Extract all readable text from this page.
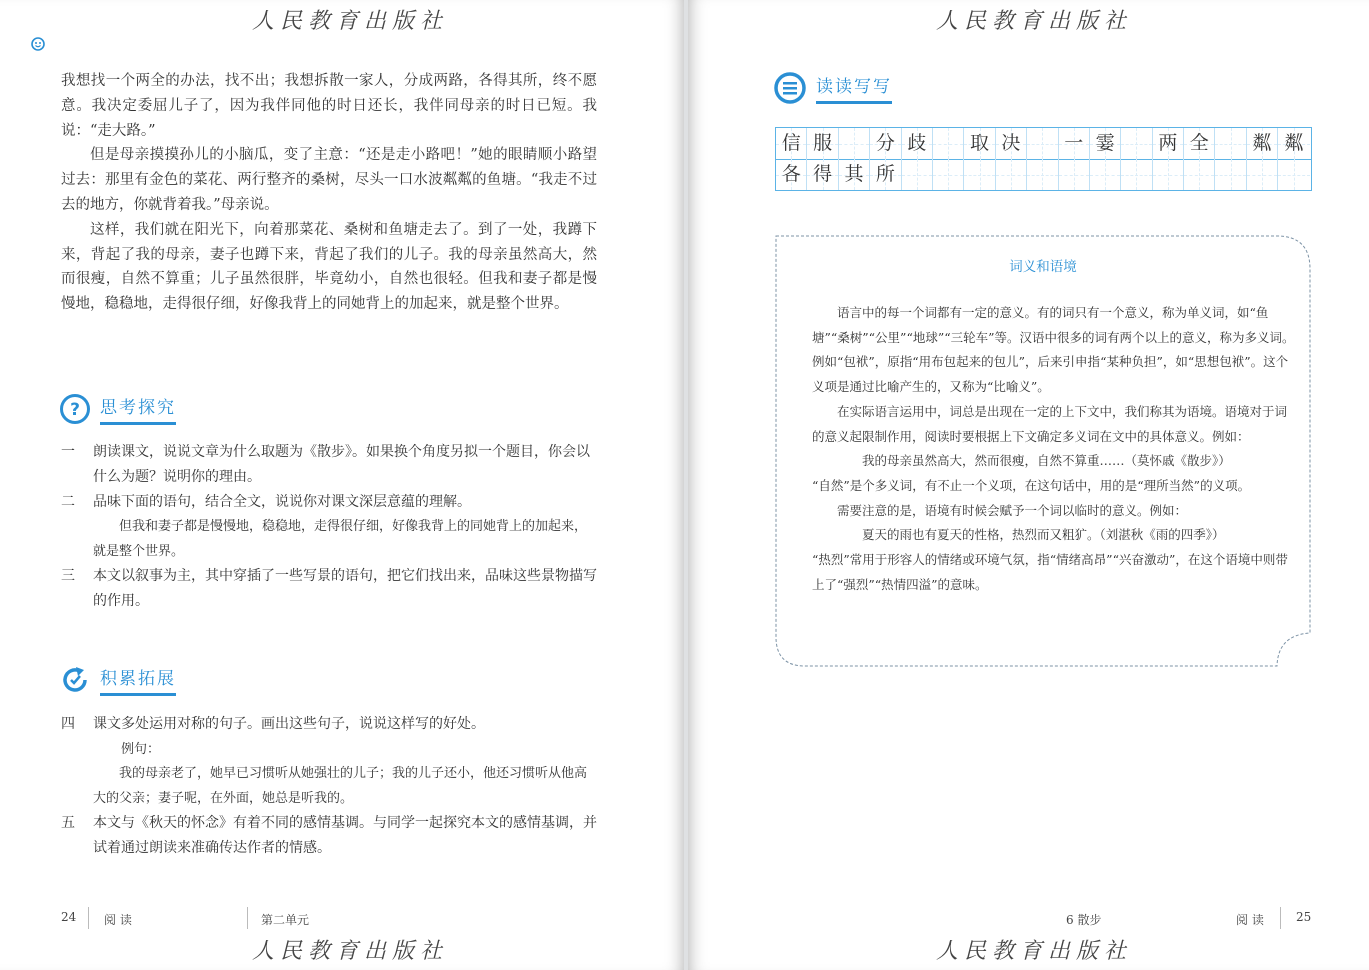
人民教育出版社
我想找一个两全的办法，找不出；我想拆散一家人，分成两路，各得其所，终不愿意。我决定委屈儿子了，因为我伴同他的时日还长，我伴同母亲的时日已短。我说：“走大路。”
但是母亲摸摸孙儿的小脑瓜，变了主意：“还是走小路吧！”她的眼睛顺小路望过去：那里有金色的菜花、两行整齐的桑树，尽头一口水波粼粼的鱼塘。“我走不过去的地方，你就背着我。”母亲说。
这样，我们就在阳光下，向着那菜花、桑树和鱼塘走去了。到了一处，我蹲下来，背起了我的母亲，妻子也蹲下来，背起了我们的儿子。我的母亲虽然高大，然而很瘦，自然不算重；儿子虽然很胖，毕竟幼小，自然也很轻。但我和妻子都是慢慢地，稳稳地，走得很仔细，好像我背上的同她背上的加起来，就是整个世界。
? 思考探究
一 朗读课文，说说文章为什么取题为《散步》。如果换个角度另拟一个题目，你会以什么为题？说明你的理由。
二 品味下面的语句，结合全文，说说你对课文深层意蕴的理解。
但我和妻子都是慢慢地，稳稳地，走得很仔细，好像我背上的同她背上的加起来，就是整个世界。
三 本文以叙事为主，其中穿插了一些写景的语句，把它们找出来，品味这些景物描写的作用。
积累拓展
四 课文多处运用对称的句子。画出这些句子，说说这样写的好处。
例句：
我的母亲老了，她早已习惯听从她强壮的儿子；我的儿子还小，他还习惯听从他高大的父亲；妻子呢，在外面，她总是听我的。
五 本文与《秋天的怀念》有着不同的感情基调。与同学一起探究本文的感情基调，并试着通过朗读来准确传达作者的情感。
24 阅 读	第二单元
人民教育出版社
人民教育出版社
读读写写
6 散步	阅 读	25
人民教育出版社
信 服	分 歧	取 决	一 霎	两 全	粼 粼
各 得 其 所
词义和语境
语言中的每一个词都有一定的意义。有的词只有一个意义，称为单义词，如“鱼塘”“桑树”“公里”“地球”“三轮车”等。汉语中很多的词有两个以上的意义，称为多义词。例如“包袱”，原指“用布包起来的包儿”，后来引申指“某种负担”，如“思想包袱”。这个义项是通过比喻产生的，又称为“比喻义”。
在实际语言运用中，词总是出现在一定的上下文中，我们称其为语境。语境对于词的意义起限制作用，阅读时要根据上下文确定多义词在文中的具体意义。例如：
我的母亲虽然高大，然而很瘦，自然不算重……（莫怀戚《散步》）
“自然”是个多义词，有不止一个义项，在这句话中，用的是“理所当然”的义项。
需要注意的是，语境有时候会赋予一个词以临时的意义。例如：
夏天的雨也有夏天的性格，热烈而又粗犷。（刘湛秋《雨的四季》）
“热烈”常用于形容人的情绪或环境气氛，指“情绪高昂”“兴奋激动”，在这个语境中则带上了“强烈”“热情四溢”的意味。
